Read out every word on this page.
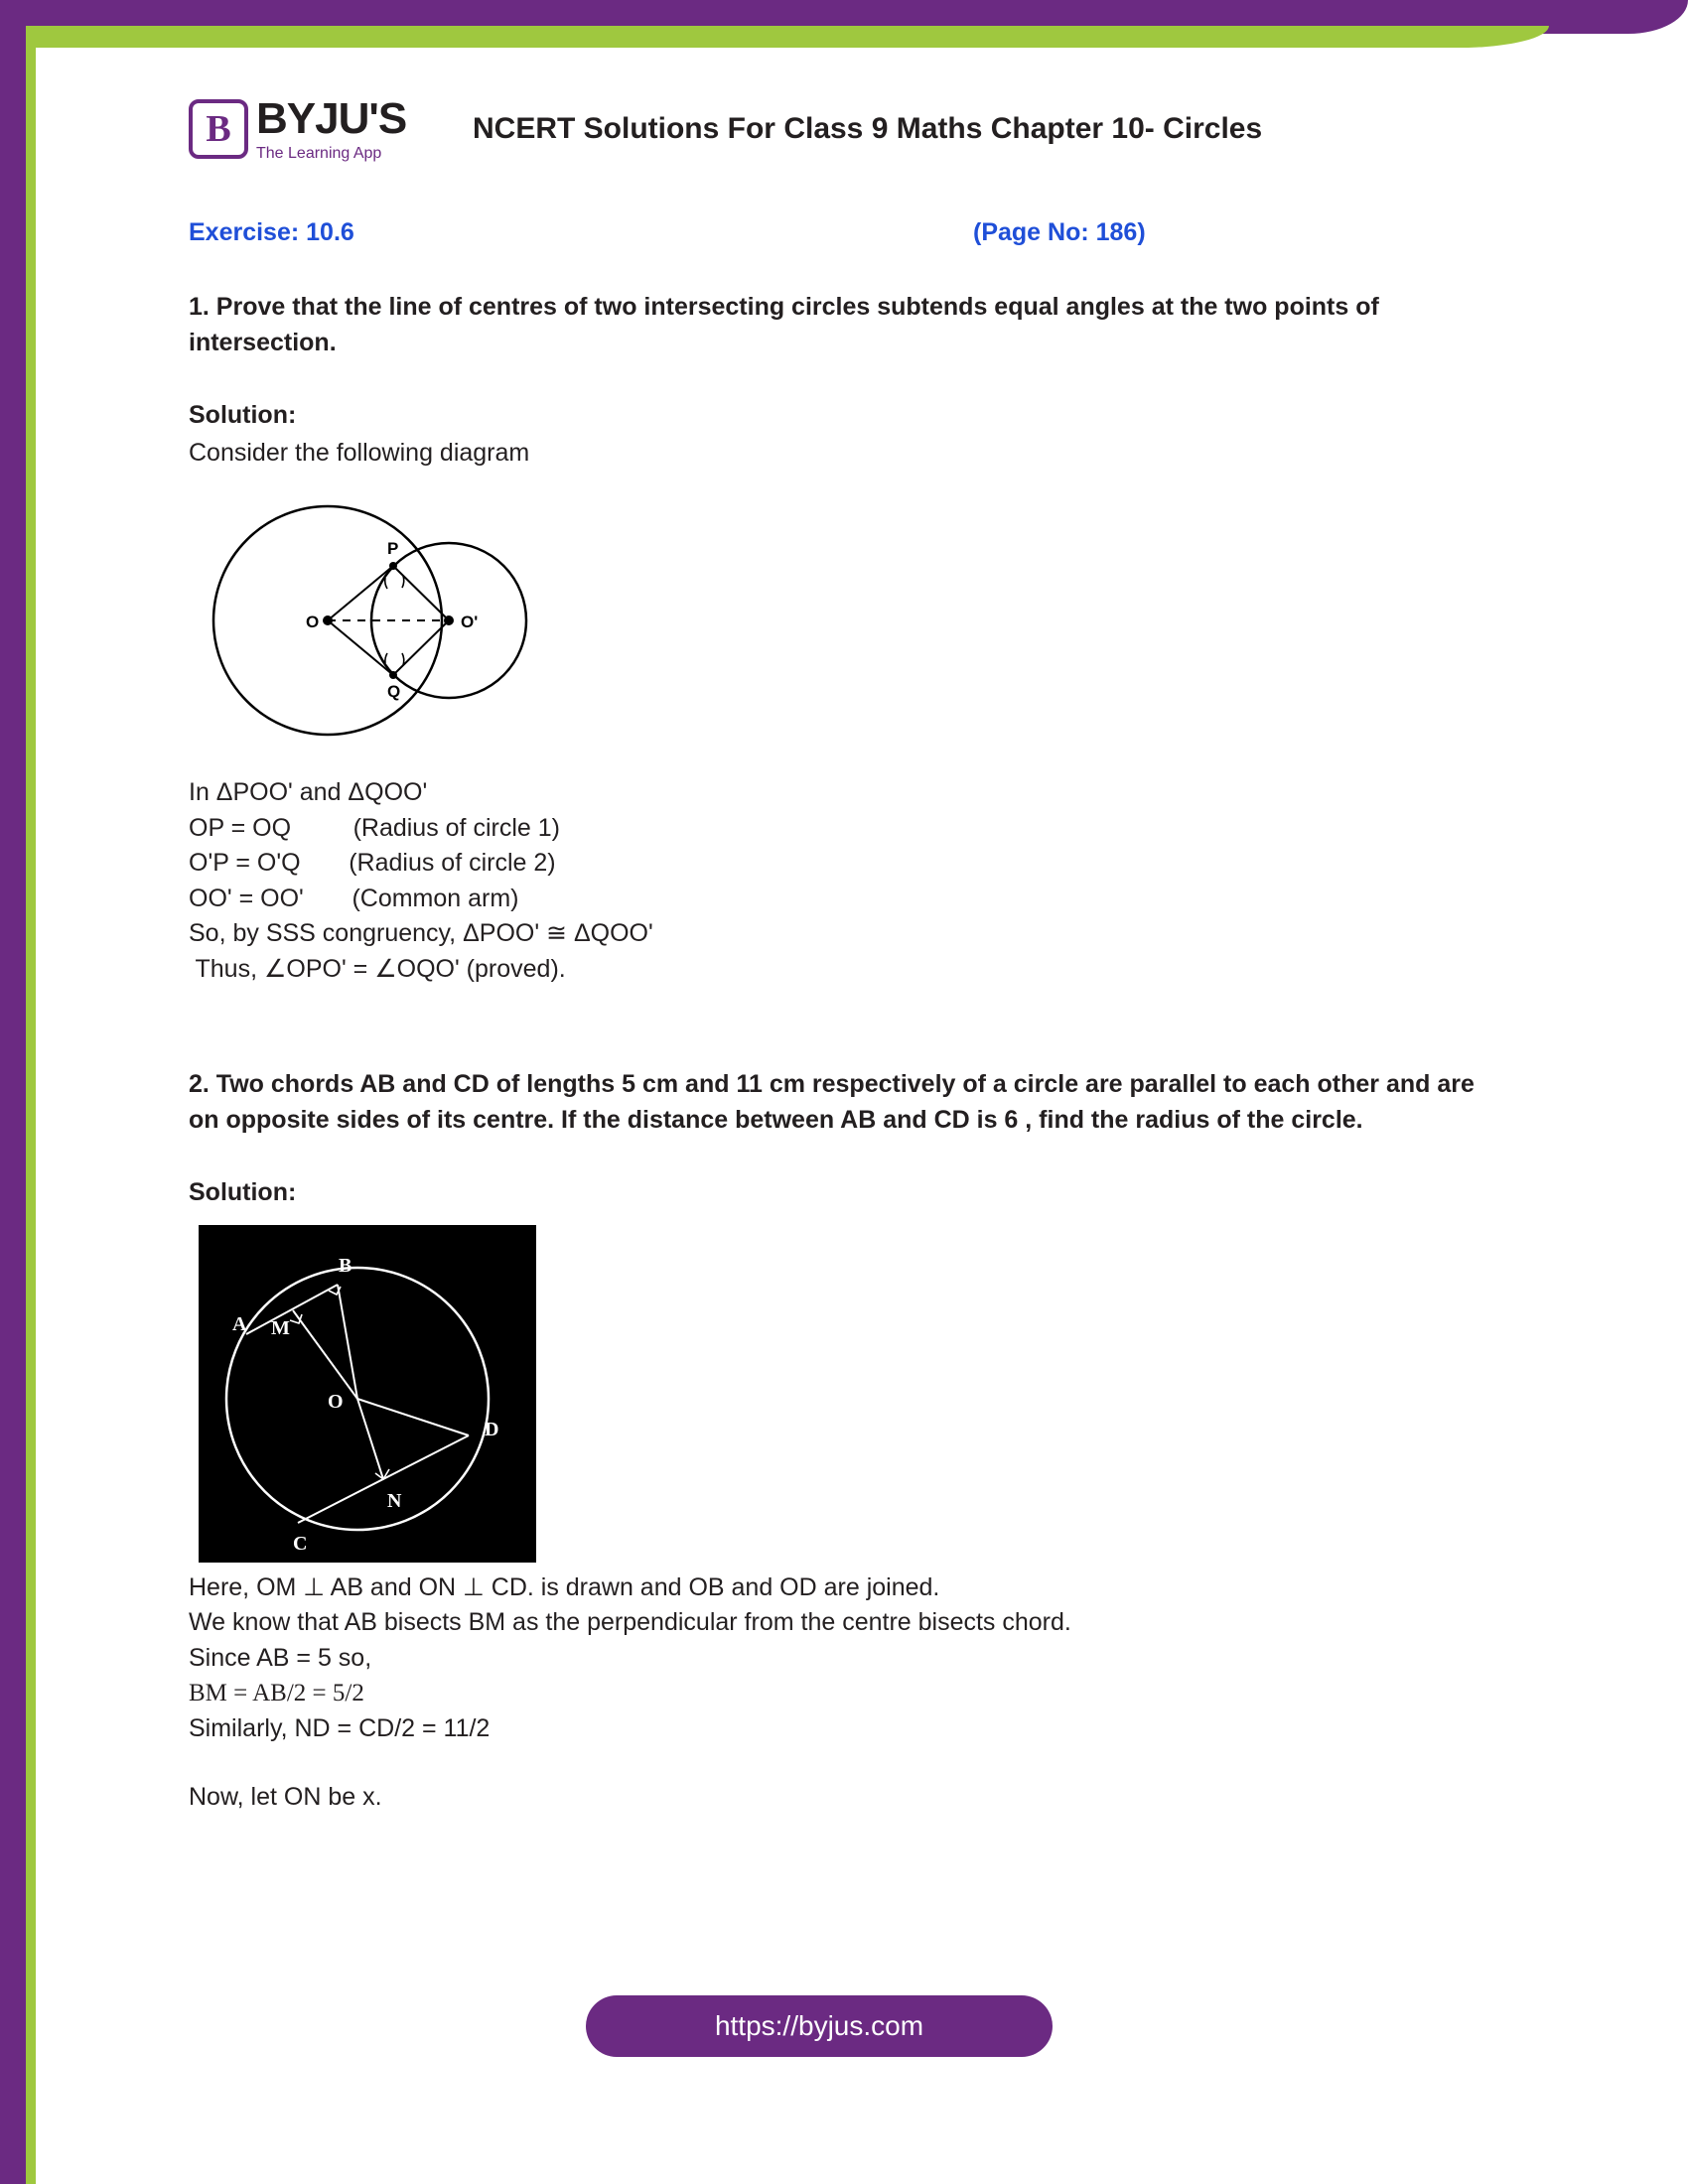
B BYJU'S
The Learning App
NCERT Solutions For Class 9 Maths Chapter 10- Circles
Exercise: 10.6	(Page No: 186)
1. Prove that the line of centres of two intersecting circles subtends equal angles at the two points of intersection.
Solution:
Consider the following diagram
O	O'
P
Q
In ΔPOO' and ΔQOO'
OP = OQ         (Radius of circle 1)
O'P = O'Q       (Radius of circle 2)
OO' = OO'       (Common arm)
So, by SSS congruency, ΔPOO' ≅ ΔQOO'
Thus, ∠OPO' = ∠OQO' (proved).
2. Two chords AB and CD of lengths 5 cm and 11 cm respectively of a circle are parallel to each other and are on opposite sides of its centre. If the distance between AB and CD is 6 , find the radius of the circle.
Solution:
A
B
M
O
D
N
C
Here, OM ⊥ AB and ON ⊥ CD. is drawn and OB and OD are joined.
We know that AB bisects BM as the perpendicular from the centre bisects chord.
Since AB = 5 so,
BM = AB/2 = 5/2
Similarly, ND = CD/2 = 11/2
Now, let ON be x.
https://byjus.com
